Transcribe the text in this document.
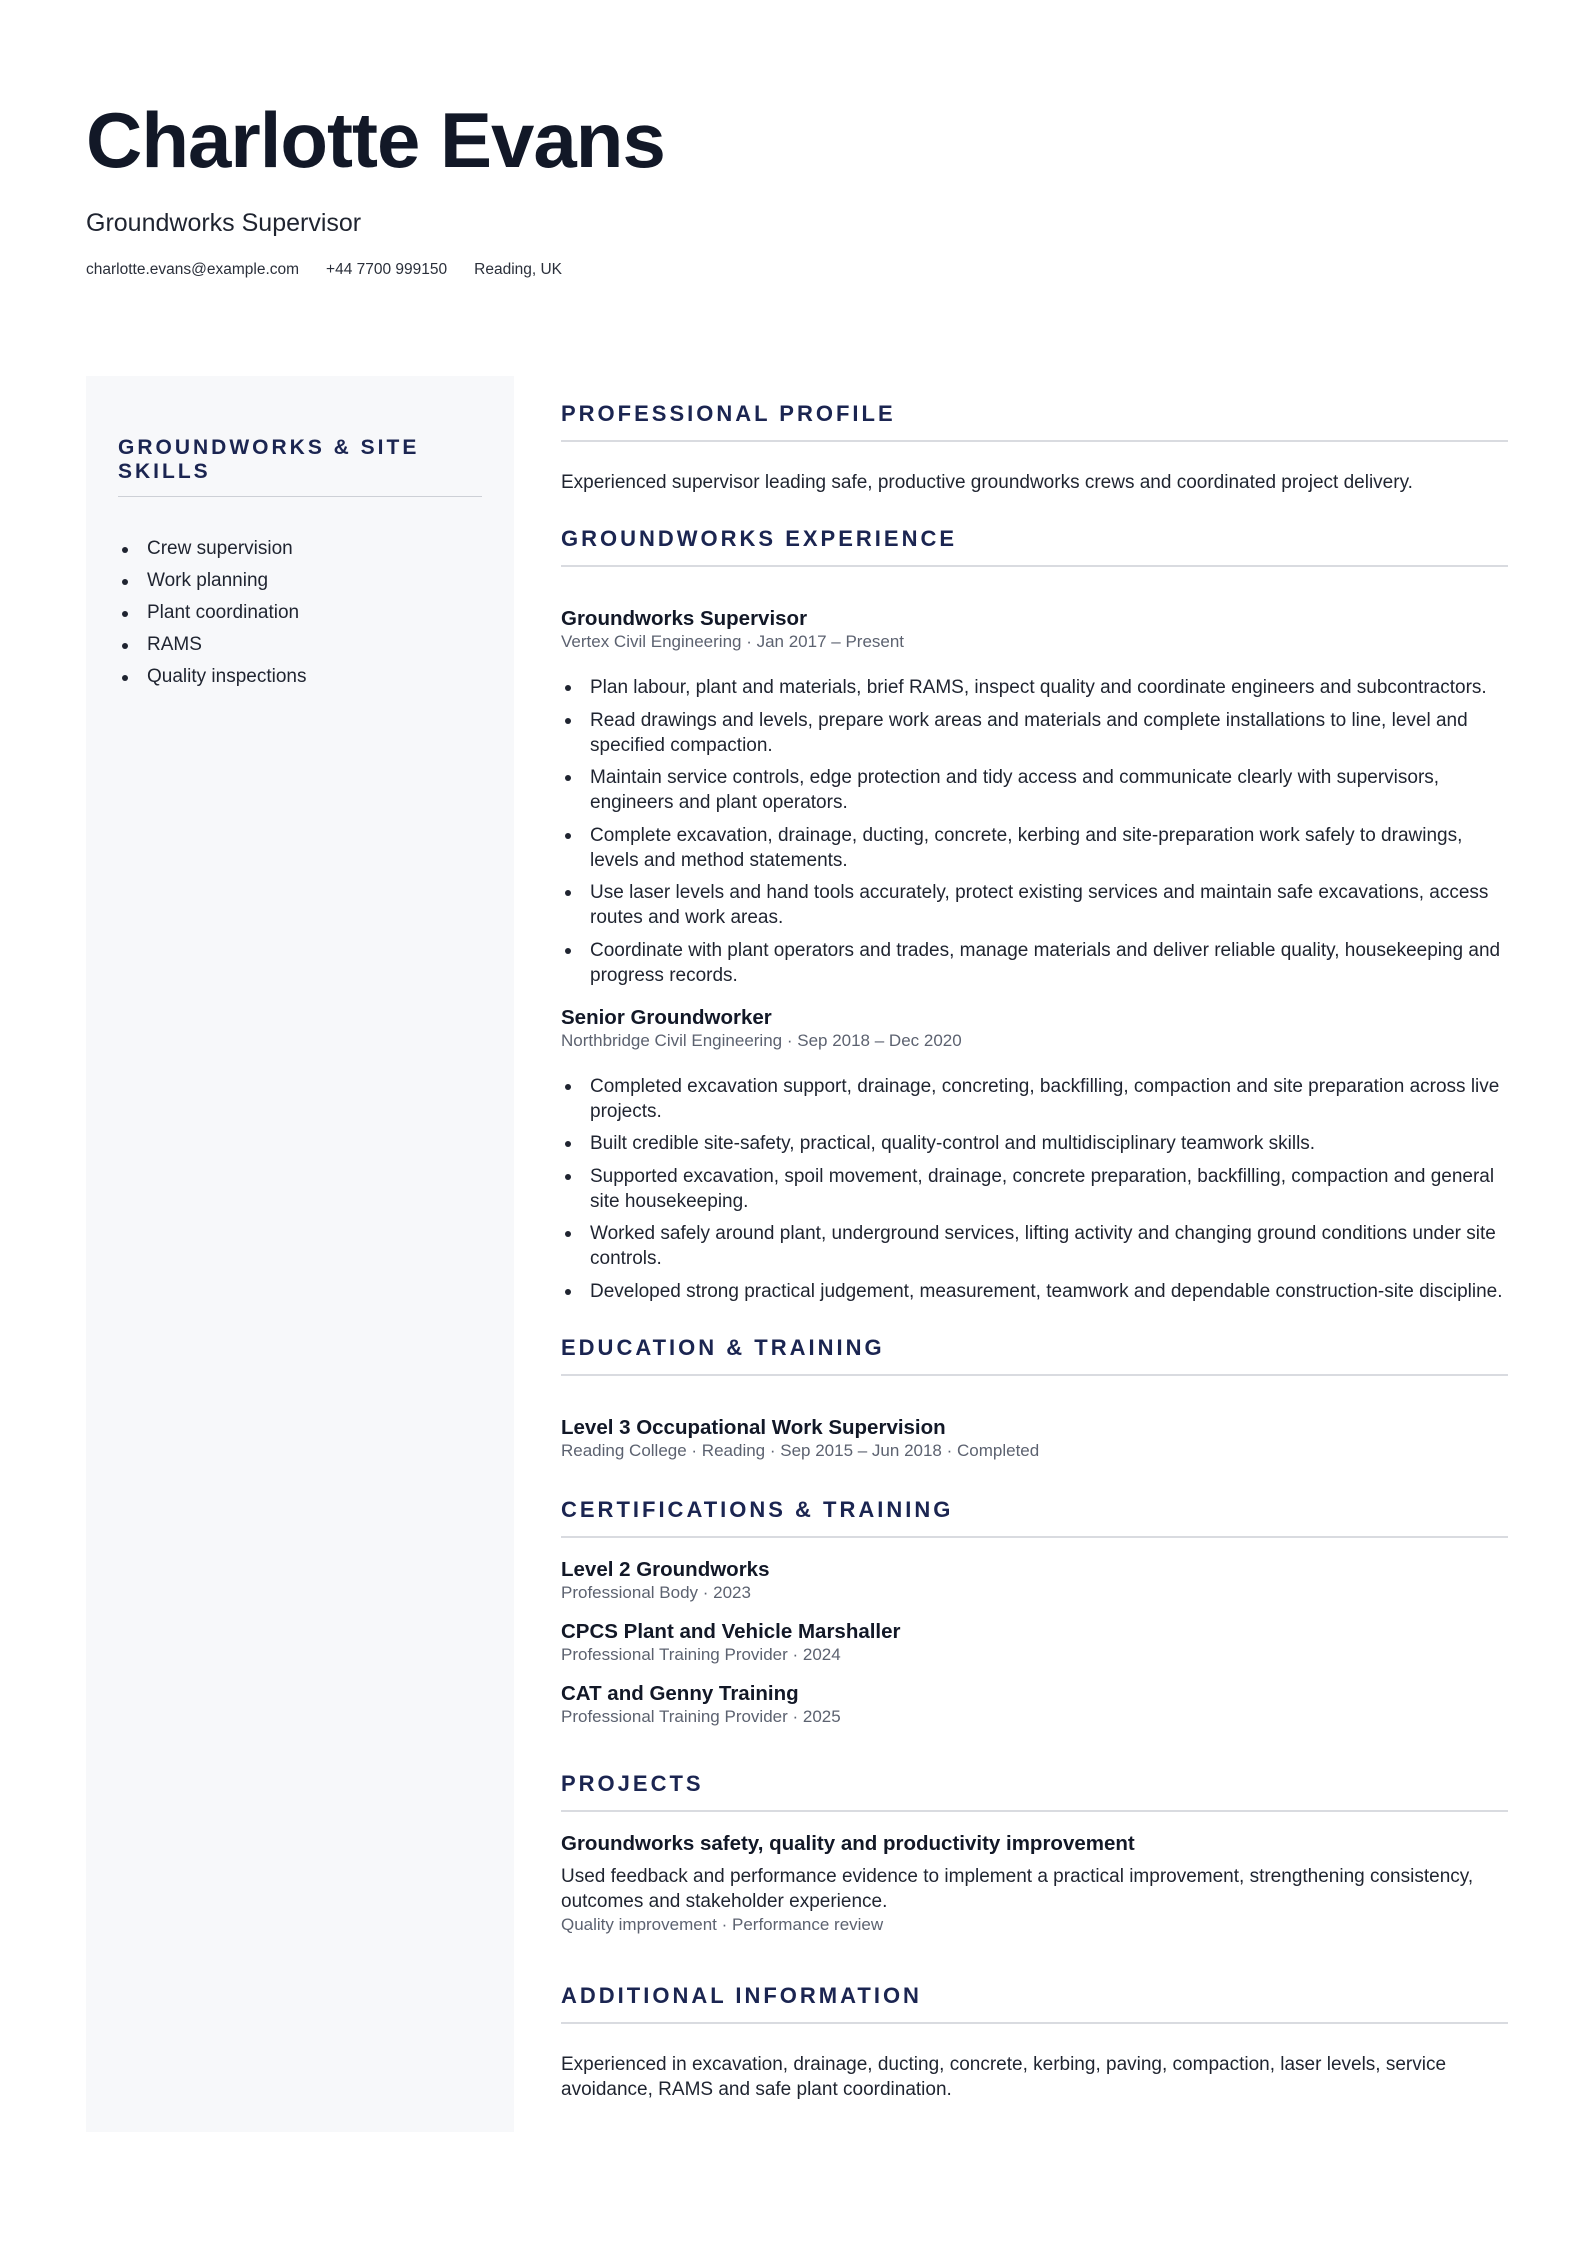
Charlotte Evans
Groundworks Supervisor
charlotte.evans@example.com +44 7700 999150 Reading, UK
GROUNDWORKS & SITE SKILLS
Crew supervision
Work planning
Plant coordination
RAMS
Quality inspections
PROFESSIONAL PROFILE
Experienced supervisor leading safe, productive groundworks crews and coordinated project delivery.
GROUNDWORKS EXPERIENCE
Groundworks Supervisor
Vertex Civil Engineering · Jan 2017 – Present
Plan labour, plant and materials, brief RAMS, inspect quality and coordinate engineers and subcontractors.
Read drawings and levels, prepare work areas and materials and complete installations to line, level and specified compaction.
Maintain service controls, edge protection and tidy access and communicate clearly with supervisors, engineers and plant operators.
Complete excavation, drainage, ducting, concrete, kerbing and site-preparation work safely to drawings, levels and method statements.
Use laser levels and hand tools accurately, protect existing services and maintain safe excavations, access routes and work areas.
Coordinate with plant operators and trades, manage materials and deliver reliable quality, housekeeping and progress records.
Senior Groundworker
Northbridge Civil Engineering · Sep 2018 – Dec 2020
Completed excavation support, drainage, concreting, backfilling, compaction and site preparation across live projects.
Built credible site-safety, practical, quality-control and multidisciplinary teamwork skills.
Supported excavation, spoil movement, drainage, concrete preparation, backfilling, compaction and general site housekeeping.
Worked safely around plant, underground services, lifting activity and changing ground conditions under site controls.
Developed strong practical judgement, measurement, teamwork and dependable construction-site discipline.
EDUCATION & TRAINING
Level 3 Occupational Work Supervision
Reading College · Reading · Sep 2015 – Jun 2018 · Completed
CERTIFICATIONS & TRAINING
Level 2 Groundworks
Professional Body · 2023
CPCS Plant and Vehicle Marshaller
Professional Training Provider · 2024
CAT and Genny Training
Professional Training Provider · 2025
PROJECTS
Groundworks safety, quality and productivity improvement
Used feedback and performance evidence to implement a practical improvement, strengthening consistency, outcomes and stakeholder experience.
Quality improvement · Performance review
ADDITIONAL INFORMATION
Experienced in excavation, drainage, ducting, concrete, kerbing, paving, compaction, laser levels, service avoidance, RAMS and safe plant coordination.
